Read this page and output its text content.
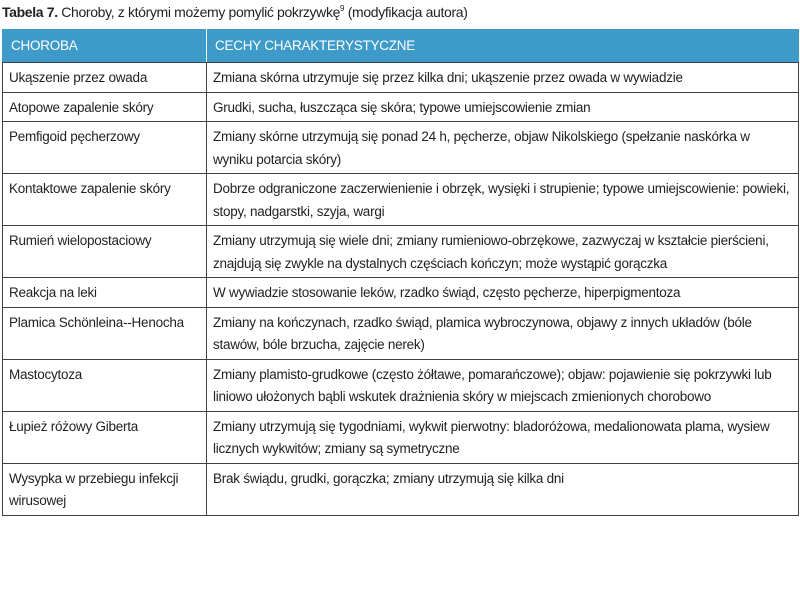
Tabela 7. Choroby, z którymi możemy pomylić pokrzywkę$^9$ (modyfikacja autora)
CHOROBA	CECHY CHARAKTERYSTYCZNE
Ukąszenie przez owada	Zmiana skórna utrzymuje się przez kilka dni; ukąszenie przez owada w wywiadzie
Atopowe zapalenie skóry	Grudki, sucha, łuszcząca się skóra; typowe umiejscowienie zmian
Pemfigoid pęcherzowy	Zmiany skórne utrzymują się ponad 24 h, pęcherze, objaw Nikolskiego (spełzanie naskórka w wyniku potarcia skóry)
Kontaktowe zapalenie skóry	Dobrze odgraniczone zaczerwienienie i obrzęk, wysięki i strupienie; typowe umiejscowienie: powieki, stopy, nadgarstki, szyja, wargi
Rumień wielopostaciowy	Zmiany utrzymują się wiele dni; zmiany rumieniowo-obrzękowe, zazwyczaj w kształcie pierścieni, znajdują się zwykle na dystalnych częściach kończyn; może wystąpić gorączka
Reakcja na leki	W wywiadzie stosowanie leków, rzadko świąd, często pęcherze, hiperpigmentoza
Plamica Schönleina--Henocha	Zmiany na kończynach, rzadko świąd, plamica wybroczynowa, objawy z innych układów (bóle stawów, bóle brzucha, zajęcie nerek)
Mastocytoza	Zmiany plamisto-grudkowe (często żółtawe, pomarańczowe); objaw: pojawienie się pokrzywki lub liniowo ułożonych bąbli wskutek drażnienia skóry w miejscach zmienionych chorobowo
Łupież różowy Giberta	Zmiany utrzymują się tygodniami, wykwit pierwotny: bladoróżowa, medalionowata plama, wysiew licznych wykwitów; zmiany są symetryczne
Wysypka w przebiegu infekcji wirusowej	Brak świądu, grudki, gorączka; zmiany utrzymują się kilka dni
